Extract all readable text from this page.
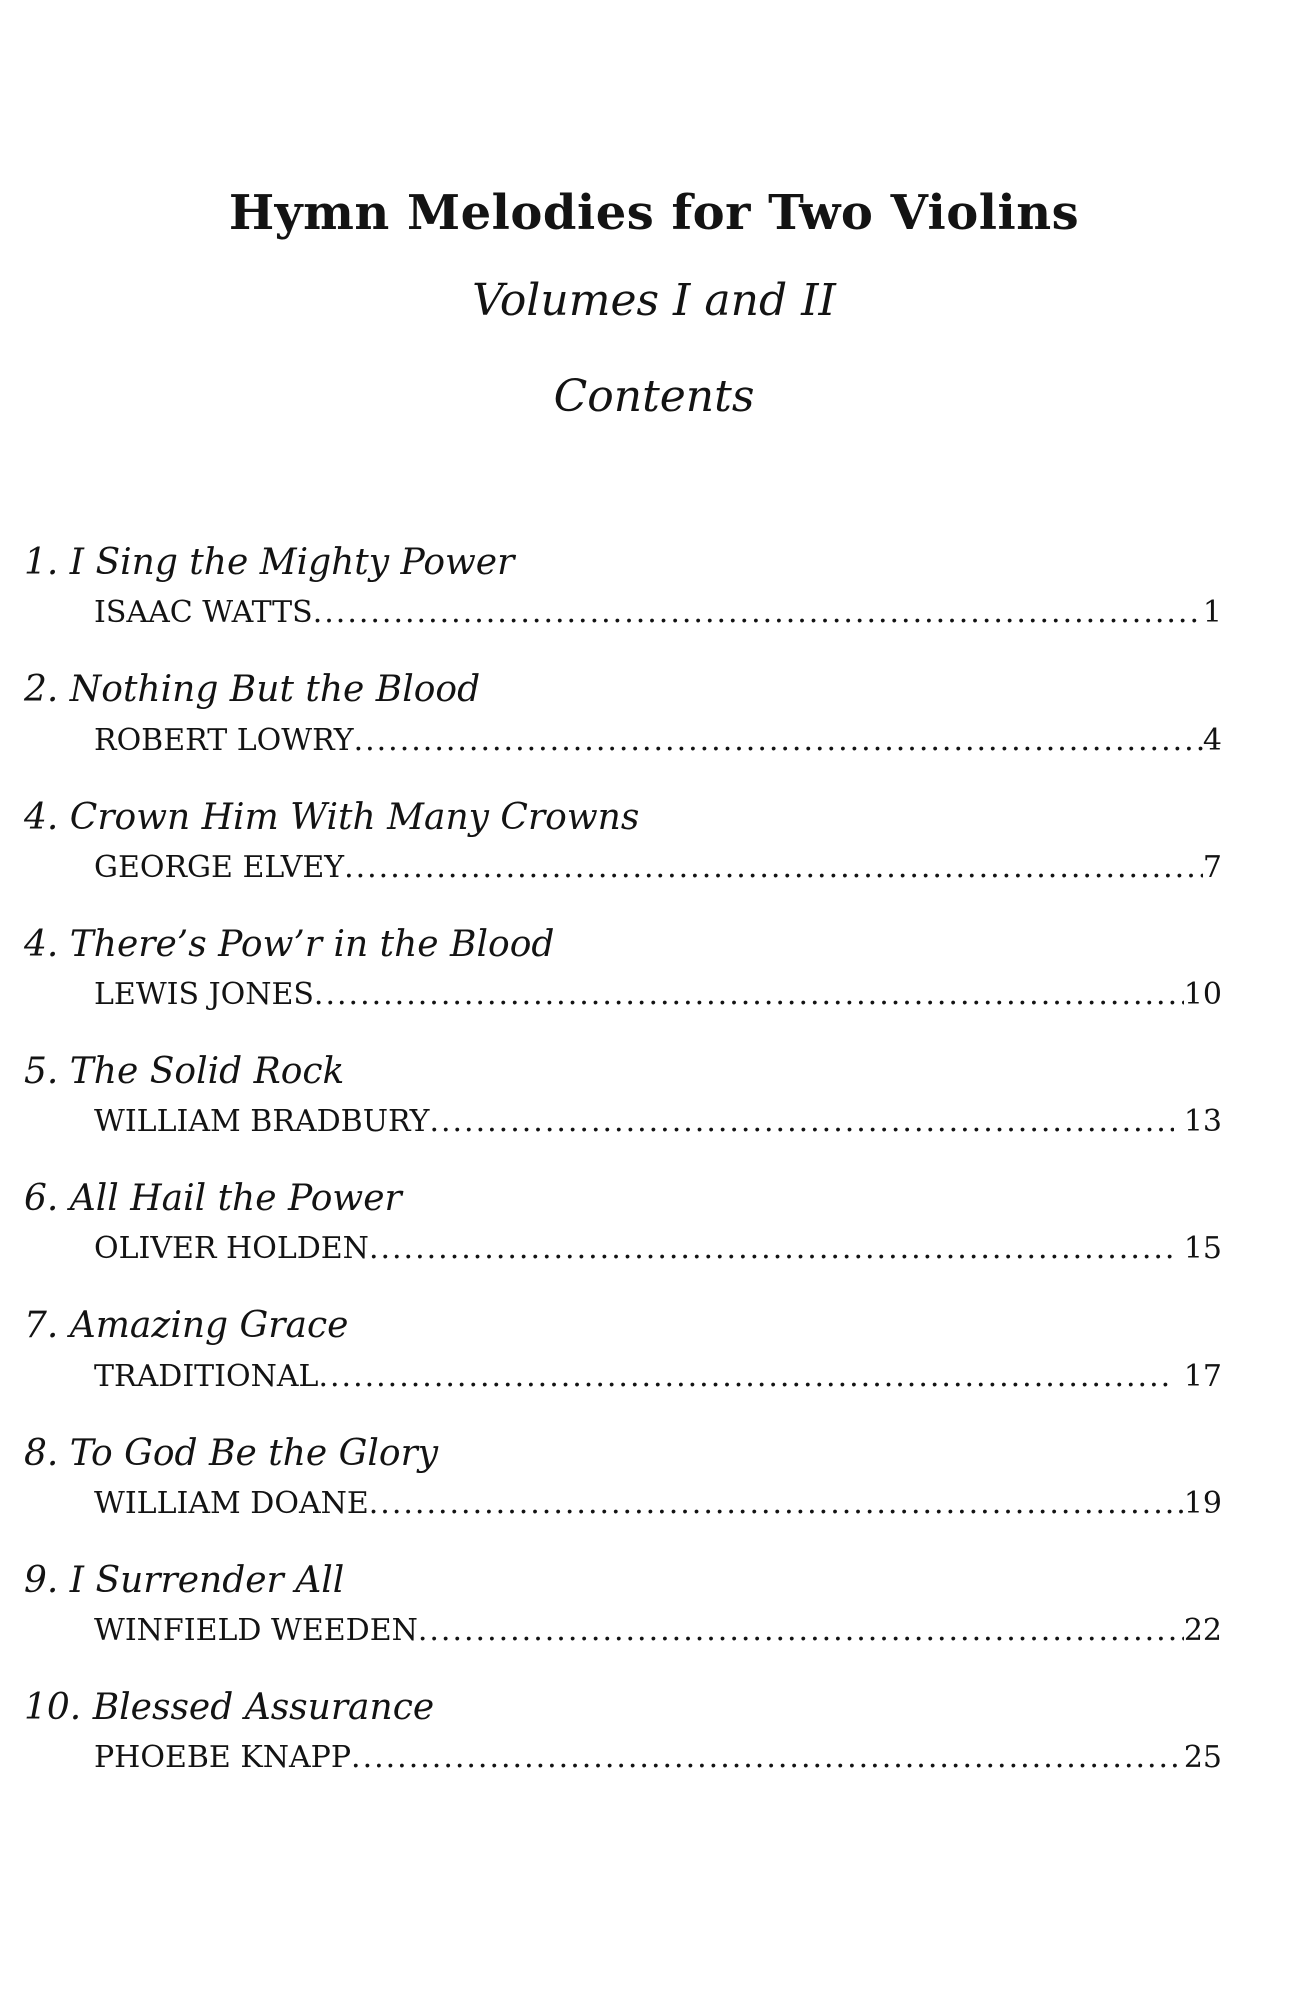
Hymn Melodies for Two Violins
Volumes I and II
Contents
1. I Sing the Mighty Power
ISAAC WATTS .....	1
2. Nothing But the Blood
ROBERT LOWRY .....	4
4. Crown Him With Many Crowns
GEORGE ELVEY .....	7
4. There’s Pow’r in the Blood
LEWIS JONES .....	10
5. The Solid Rock
WILLIAM BRADBURY .....	13
6. All Hail the Power
OLIVER HOLDEN .....	15
7. Amazing Grace
TRADITIONAL .....	17
8. To God Be the Glory
WILLIAM DOANE .....	19
9. I Surrender All
WINFIELD WEEDEN .....	22
10. Blessed Assurance
PHOEBE KNAPP .....	25
